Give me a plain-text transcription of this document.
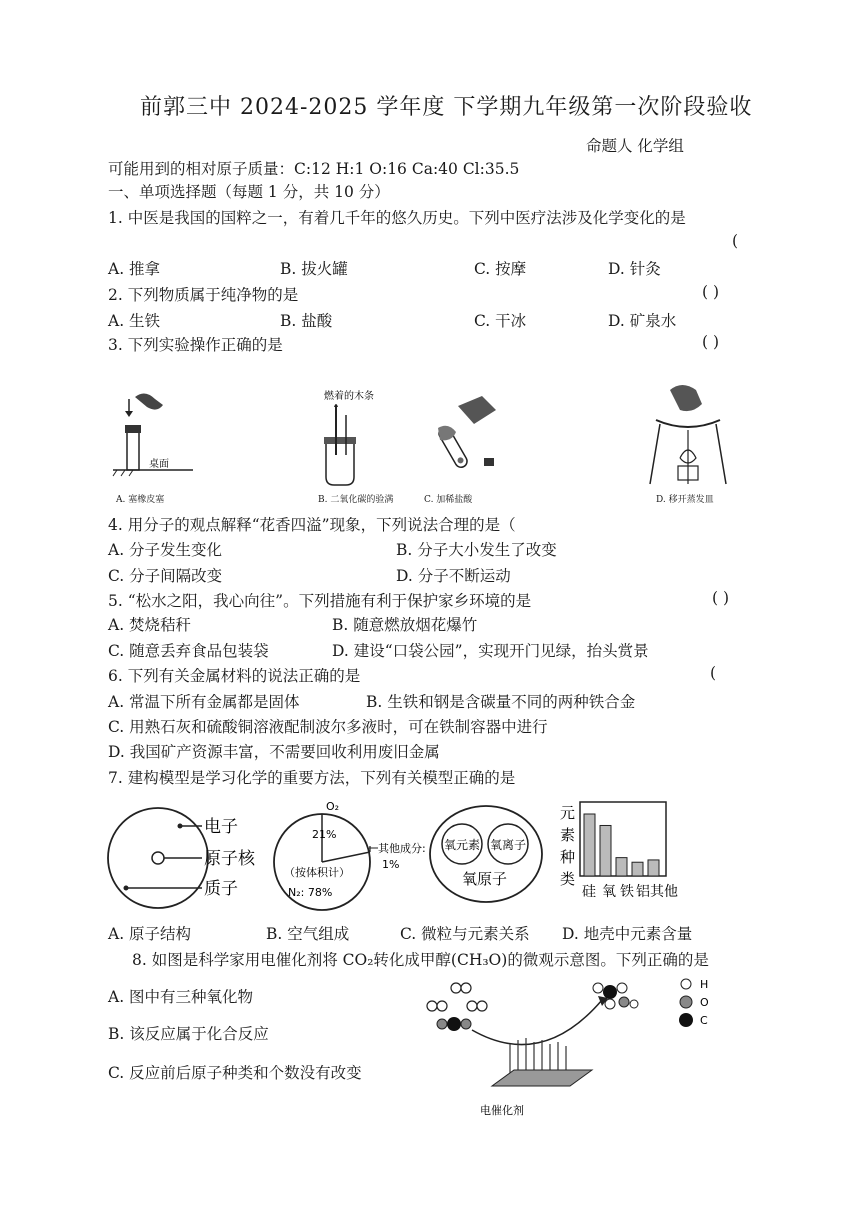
前郭三中 2024-2025 学年度 下学期九年级第一次阶段验收
命题人 化学组
可能用到的相对原子质量：C:12 H:1 O:16 Ca:40 Cl:35.5
一、单项选择题（每题 1 分，共 10 分）
1. 中医是我国的国粹之一，有着几千年的悠久历史。下列中医疗法涉及化学变化的是
(
A. 推拿	B. 拔火罐	C. 按摩	D. 针灸
2. 下列物质属于纯净物的是	( )
A. 生铁	B. 盐酸	C. 干冰	D. 矿泉水
3. 下列实验操作正确的是	( )
桌面
A. 塞橡皮塞
燃着的木条
B. 二氧化碳的验满	C. 加稀盐酸	D. 移开蒸发皿
4. 用分子的观点解释“花香四溢”现象，下列说法合理的是（
A. 分子发生变化	B. 分子大小发生了改变
C. 分子间隔改变	D. 分子不断运动
5. “松水之阳，我心向往”。下列措施有利于保护家乡环境的是	( )
A. 焚烧秸秆	B. 随意燃放烟花爆竹
C. 随意丢弃食品包装袋	D. 建设“口袋公园”，实现开门见绿，抬头赏景
6. 下列有关金属材料的说法正确的是	(
A. 常温下所有金属都是固体	B. 生铁和钢是含碳量不同的两种铁合金
C. 用熟石灰和硫酸铜溶液配制波尔多液时，可在铁制容器中进行
D. 我国矿产资源丰富，不需要回收利用废旧金属
7. 建构模型是学习化学的重要方法，下列有关模型正确的是
电子
原子核
质子
O₂
21%
其他成分:
1%
（按体积计）
N₂: 78%
氧元素 氧离子
氧原子
元
素
种
类
硅 氧 铁 铝 其他
A. 原子结构	B. 空气组成	C. 微粒与元素关系 D. 地壳中元素含量
8. 如图是科学家用电催化剂将 CO₂转化成甲醇(CH₃O)的微观示意图。下列正确的是
A. 图中有三种氧化物
B. 该反应属于化合反应
C. 反应前后原子种类和个数没有改变
电催化剂
H
O
C
